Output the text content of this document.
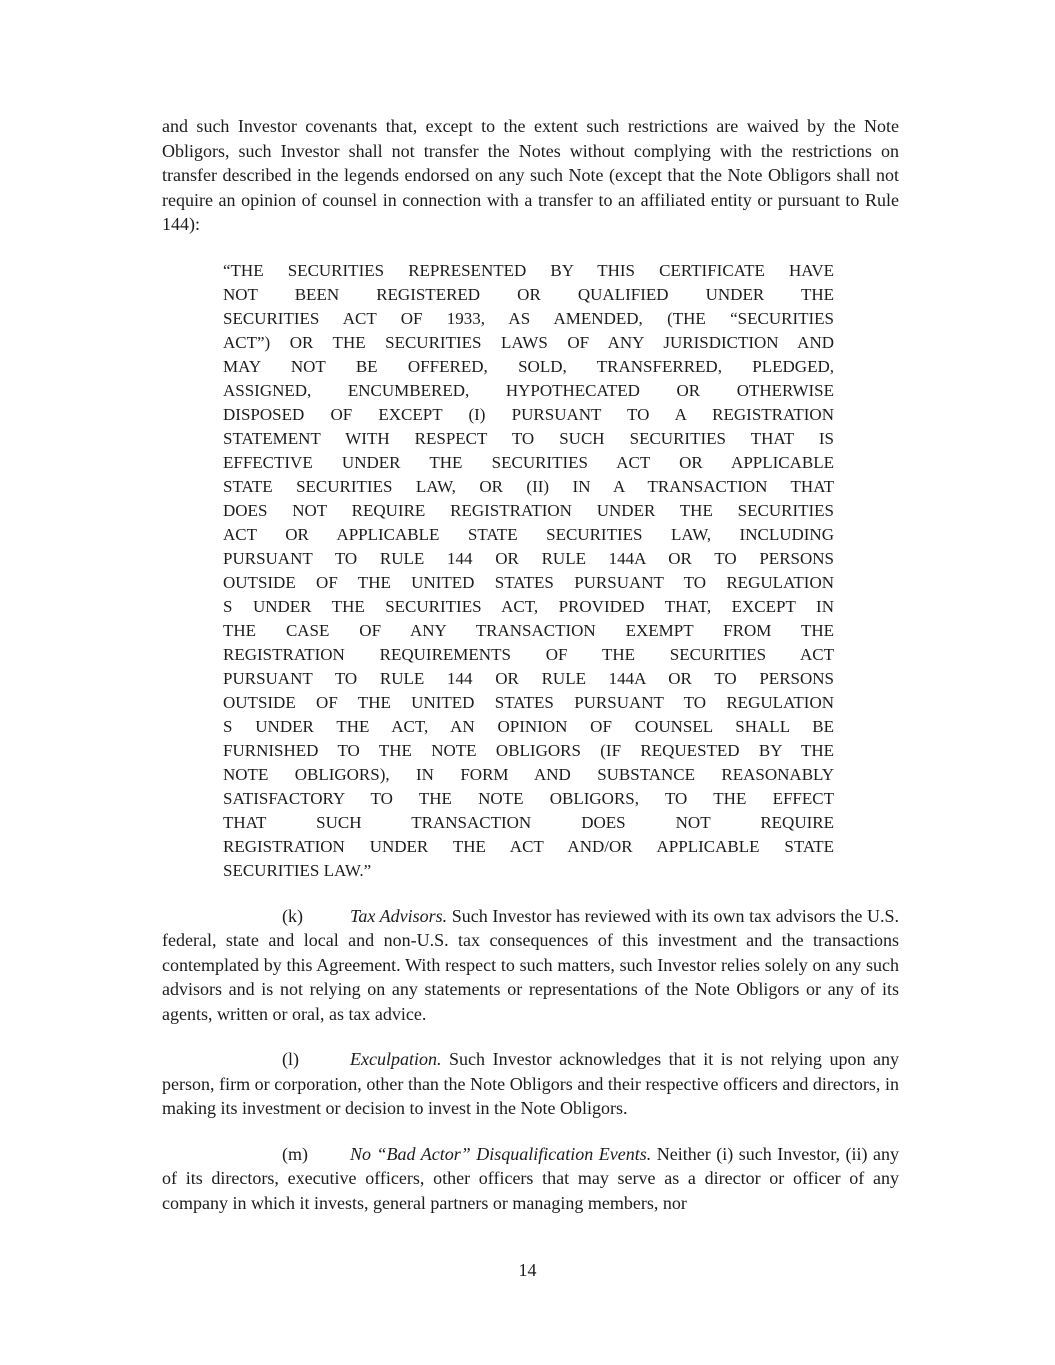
and such Investor covenants that, except to the extent such restrictions are waived by the Note Obligors, such Investor shall not transfer the Notes without complying with the restrictions on transfer described in the legends endorsed on any such Note (except that the Note Obligors shall not require an opinion of counsel in connection with a transfer to an affiliated entity or pursuant to Rule 144):

“THE SECURITIES REPRESENTED BY THIS CERTIFICATE HAVE
NOT BEEN REGISTERED OR QUALIFIED UNDER THE
SECURITIES ACT OF 1933, AS AMENDED, (THE “SECURITIES
ACT”) OR THE SECURITIES LAWS OF ANY JURISDICTION AND
MAY NOT BE OFFERED, SOLD, TRANSFERRED, PLEDGED,
ASSIGNED, ENCUMBERED, HYPOTHECATED OR OTHERWISE
DISPOSED OF EXCEPT (I) PURSUANT TO A REGISTRATION
STATEMENT WITH RESPECT TO SUCH SECURITIES THAT IS
EFFECTIVE UNDER THE SECURITIES ACT OR APPLICABLE
STATE SECURITIES LAW, OR (II) IN A TRANSACTION THAT
DOES NOT REQUIRE REGISTRATION UNDER THE SECURITIES
ACT OR APPLICABLE STATE SECURITIES LAW, INCLUDING
PURSUANT TO RULE 144 OR RULE 144A OR TO PERSONS
OUTSIDE OF THE UNITED STATES PURSUANT TO REGULATION
S UNDER THE SECURITIES ACT, PROVIDED THAT, EXCEPT IN
THE CASE OF ANY TRANSACTION EXEMPT FROM THE
REGISTRATION REQUIREMENTS OF THE SECURITIES ACT
PURSUANT TO RULE 144 OR RULE 144A OR TO PERSONS
OUTSIDE OF THE UNITED STATES PURSUANT TO REGULATION
S UNDER THE ACT, AN OPINION OF COUNSEL SHALL BE
FURNISHED TO THE NOTE OBLIGORS (IF REQUESTED BY THE
NOTE OBLIGORS), IN FORM AND SUBSTANCE REASONABLY
SATISFACTORY TO THE NOTE OBLIGORS, TO THE EFFECT
THAT SUCH TRANSACTION DOES NOT REQUIRE
REGISTRATION UNDER THE ACT AND/OR APPLICABLE STATE
SECURITIES LAW.”

(k)	Tax Advisors. Such Investor has reviewed with its own tax advisors the U.S. federal, state and local and non-U.S. tax consequences of this investment and the transactions contemplated by this Agreement. With respect to such matters, such Investor relies solely on any such advisors and is not relying on any statements or representations of the Note Obligors or any of its agents, written or oral, as tax advice.

(l)	Exculpation. Such Investor acknowledges that it is not relying upon any person, firm or corporation, other than the Note Obligors and their respective officers and directors, in making its investment or decision to invest in the Note Obligors.

(m) No “Bad Actor” Disqualification Events. Neither (i) such Investor, (ii) any of its directors, executive officers, other officers that may serve as a director or officer of any company in which it invests, general partners or managing members, nor

14
